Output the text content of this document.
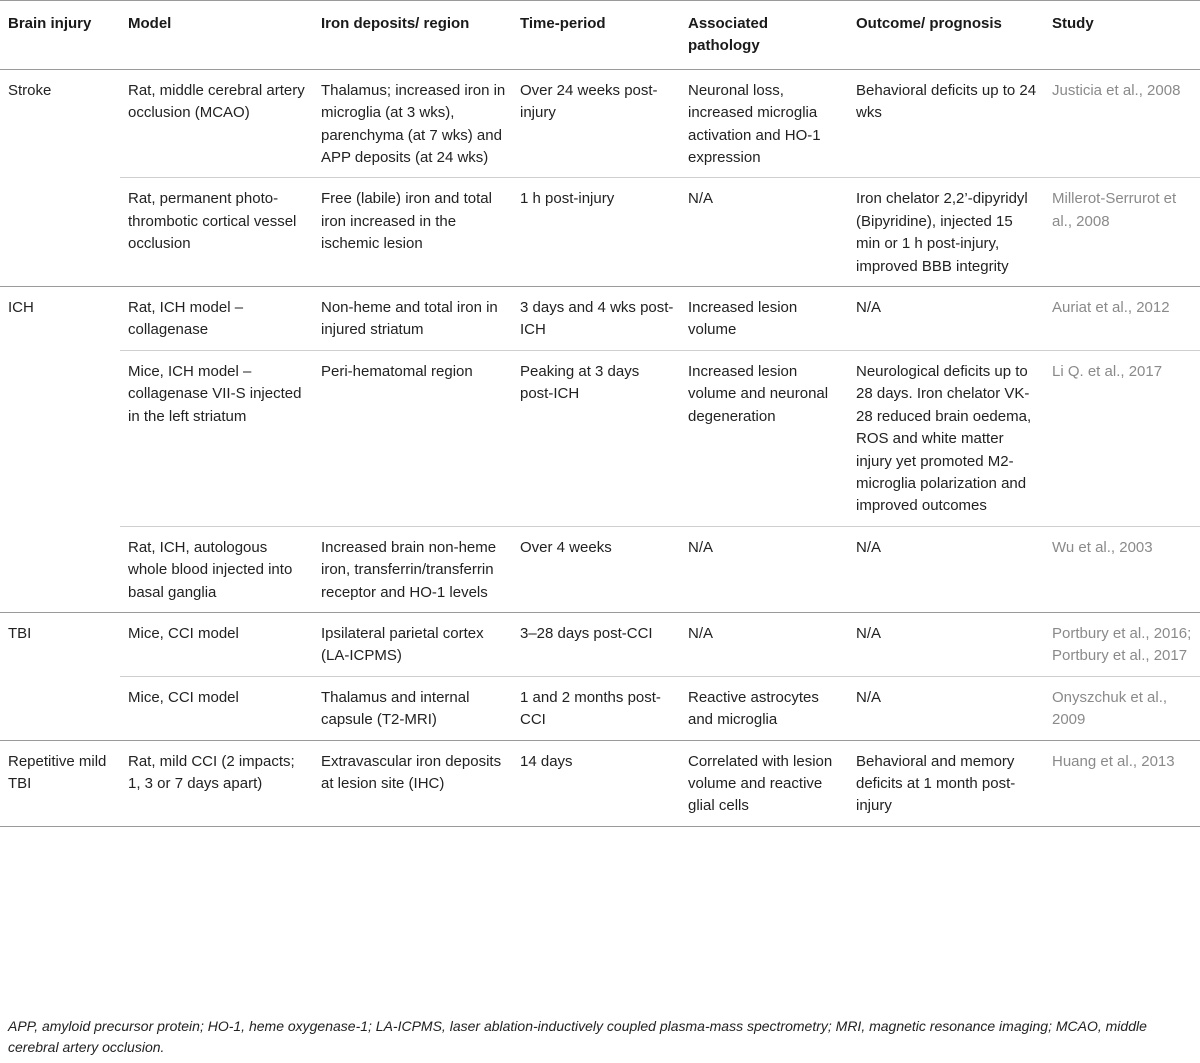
Brain injury	Model	Iron deposits/ region	Time-period	Associated pathology	Outcome/ prognosis	Study
Stroke	Rat, middle cerebral artery occlusion (MCAO)	Thalamus; increased iron in microglia (at 3 wks), parenchyma (at 7 wks) and APP deposits (at 24 wks)	Over 24 weeks post-injury	Neuronal loss, increased microglia activation and HO-1 expression	Behavioral deficits up to 24 wks	Justicia et al., 2008
	Rat, permanent photo-thrombotic cortical vessel occlusion	Free (labile) iron and total iron increased in the ischemic lesion	1 h post-injury	N/A	Iron chelator 2,2’-dipyridyl (Bipyridine), injected 15 min or 1 h post-injury, improved BBB integrity	Millerot-Serrurot et al., 2008
ICH	Rat, ICH model – collagenase	Non-heme and total iron in injured striatum	3 days and 4 wks post-ICH	Increased lesion volume	N/A	Auriat et al., 2012
	Mice, ICH model – collagenase VII-S injected in the left striatum	Peri-hematomal region	Peaking at 3 days post-ICH	Increased lesion volume and neuronal degeneration	Neurological deficits up to 28 days. Iron chelator VK-28 reduced brain oedema, ROS and white matter injury yet promoted M2-microglia polarization and improved outcomes	Li Q. et al., 2017
	Rat, ICH, autologous whole blood injected into basal ganglia	Increased brain non-heme iron, transferrin/transferrin receptor and HO-1 levels	Over 4 weeks	N/A	N/A	Wu et al., 2003
TBI	Mice, CCI model	Ipsilateral parietal cortex (LA-ICPMS)	3–28 days post-CCI	N/A	N/A	Portbury et al., 2016; Portbury et al., 2017
	Mice, CCI model	Thalamus and internal capsule (T2-MRI)	1 and 2 months post-CCI	Reactive astrocytes and microglia	N/A	Onyszchuk et al., 2009
Repetitive mild TBI	Rat, mild CCI (2 impacts; 1, 3 or 7 days apart)	Extravascular iron deposits at lesion site (IHC)	14 days	Correlated with lesion volume and reactive glial cells	Behavioral and memory deficits at 1 month post-injury	Huang et al., 2013
APP, amyloid precursor protein; HO-1, heme oxygenase-1; LA-ICPMS, laser ablation-inductively coupled plasma-mass spectrometry; MRI, magnetic resonance imaging; MCAO, middle cerebral artery occlusion.
